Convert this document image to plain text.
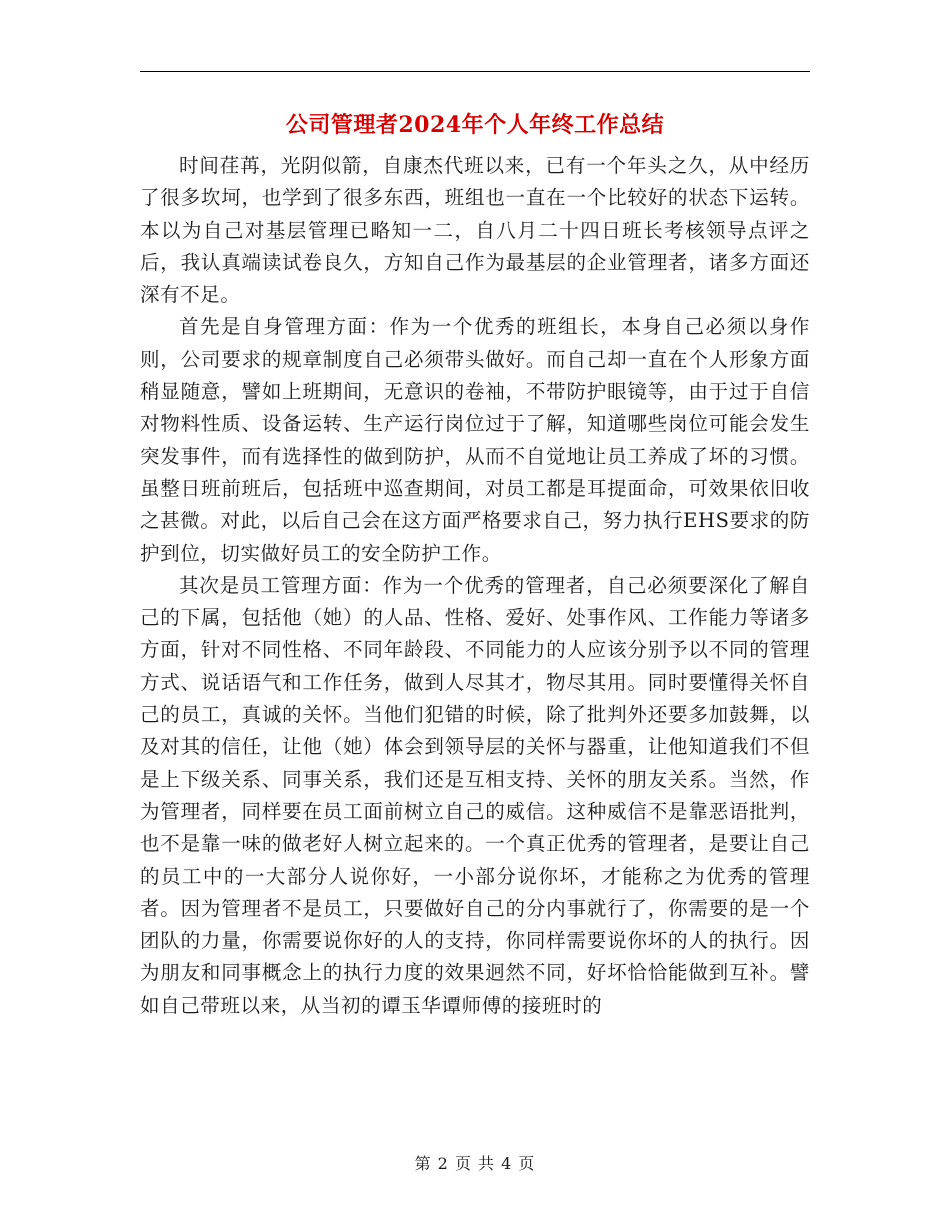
公司管理者2024年个人年终工作总结

时间荏苒，光阴似箭，自康杰代班以来，已有一个年头之久，从中经历了很多坎坷，也学到了很多东西，班组也一直在一个比较好的状态下运转。本以为自己对基层管理已略知一二，自八月二十四日班长考核领导点评之后，我认真端读试卷良久，方知自己作为最基层的企业管理者，诸多方面还深有不足。

首先是自身管理方面：作为一个优秀的班组长，本身自己必须以身作则，公司要求的规章制度自己必须带头做好。而自己却一直在个人形象方面稍显随意，譬如上班期间，无意识的卷袖，不带防护眼镜等，由于过于自信对物料性质、设备运转、生产运行岗位过于了解，知道哪些岗位可能会发生突发事件，而有选择性的做到防护，从而不自觉地让员工养成了坏的习惯。虽整日班前班后，包括班中巡查期间，对员工都是耳提面命，可效果依旧收之甚微。对此，以后自己会在这方面严格要求自己，努力执行EHS要求的防护到位，切实做好员工的安全防护工作。

其次是员工管理方面：作为一个优秀的管理者，自己必须要深化了解自己的下属，包括他（她）的人品、性格、爱好、处事作风、工作能力等诸多方面，针对不同性格、不同年龄段、不同能力的人应该分别予以不同的管理方式、说话语气和工作任务，做到人尽其才，物尽其用。同时要懂得关怀自己的员工，真诚的关怀。当他们犯错的时候，除了批判外还要多加鼓舞，以及对其的信任，让他（她）体会到领导层的关怀与器重，让他知道我们不但是上下级关系、同事关系，我们还是互相支持、关怀的朋友关系。当然，作为管理者，同样要在员工面前树立自己的威信。这种威信不是靠恶语批判，也不是靠一味的做老好人树立起来的。一个真正优秀的管理者，是要让自己的员工中的一大部分人说你好，一小部分说你坏，才能称之为优秀的管理者。因为管理者不是员工，只要做好自己的分内事就行了，你需要的是一个团队的力量，你需要说你好的人的支持，你同样需要说你坏的人的执行。因为朋友和同事概念上的执行力度的效果迥然不同，好坏恰恰能做到互补。譬如自己带班以来，从当初的谭玉华谭师傅的接班时的

第 2 页 共 4 页
